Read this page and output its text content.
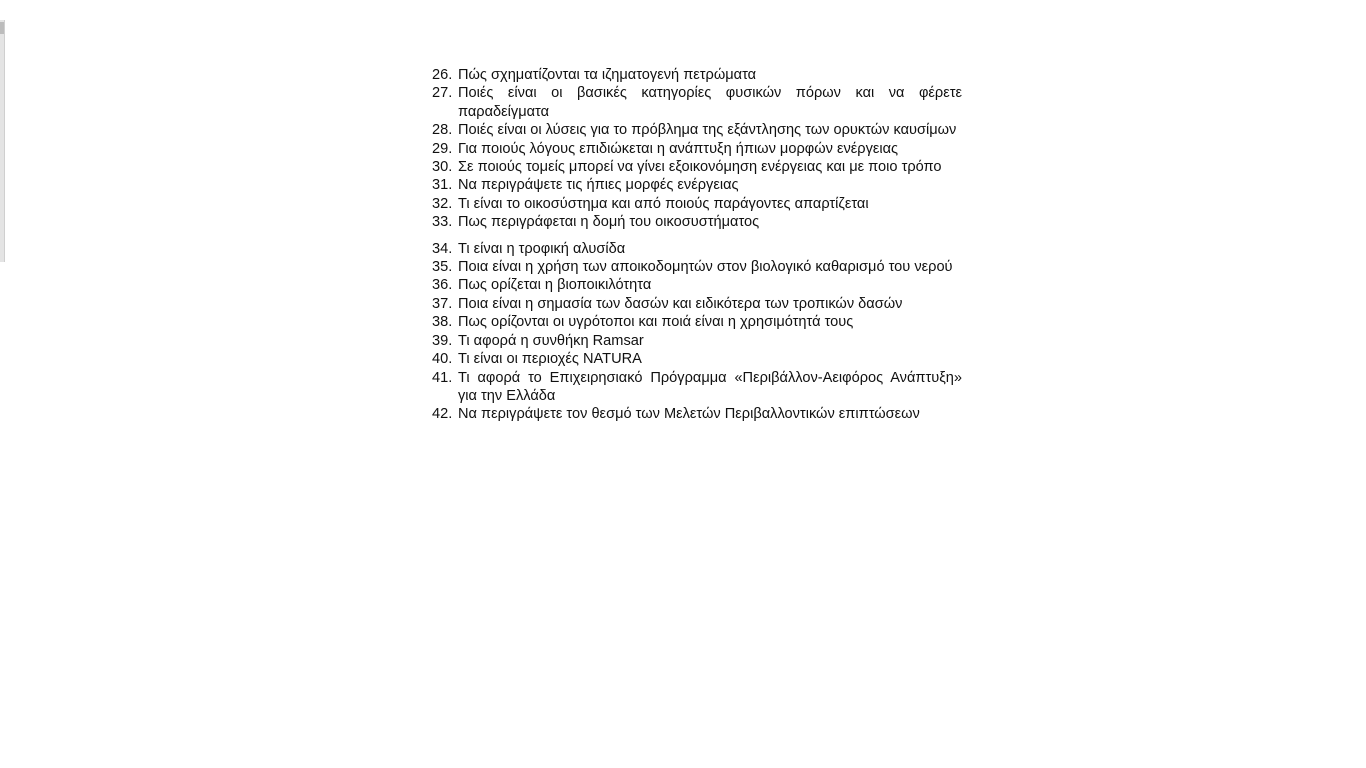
26. Πώς σχηματίζονται τα ιζηματογενή πετρώματα
27. Ποιές είναι οι βασικές κατηγορίες φυσικών πόρων και να φέρετε παραδείγματα
28. Ποιές είναι οι λύσεις για το πρόβλημα της εξάντλησης των ορυκτών καυσίμων
29. Για ποιούς λόγους επιδιώκεται η ανάπτυξη ήπιων μορφών ενέργειας
30. Σε ποιούς τομείς μπορεί να γίνει εξοικονόμηση ενέργειας και με ποιο τρόπο
31. Να περιγράψετε τις ήπιες μορφές ενέργειας
32. Τι είναι το οικοσύστημα και από ποιούς παράγοντες απαρτίζεται
33. Πως περιγράφεται η δομή του οικοσυστήματος
34. Τι είναι η τροφική αλυσίδα
35. Ποια είναι η χρήση των αποικοδομητών στον βιολογικό καθαρισμό του νερού
36. Πως ορίζεται η βιοποικιλότητα
37. Ποια είναι η σημασία των δασών και ειδικότερα των τροπικών δασών
38. Πως ορίζονται οι υγρότοποι και ποιά είναι η χρησιμότητά τους
39. Τι αφορά η συνθήκη Ramsar
40. Τι είναι οι περιοχές NATURA
41. Τι αφορά το Επιχειρησιακό Πρόγραμμα «Περιβάλλον-Αειφόρος Ανάπτυξη» για την Ελλάδα
42. Να περιγράψετε τον θεσμό των Μελετών Περιβαλλοντικών επιπτώσεων
